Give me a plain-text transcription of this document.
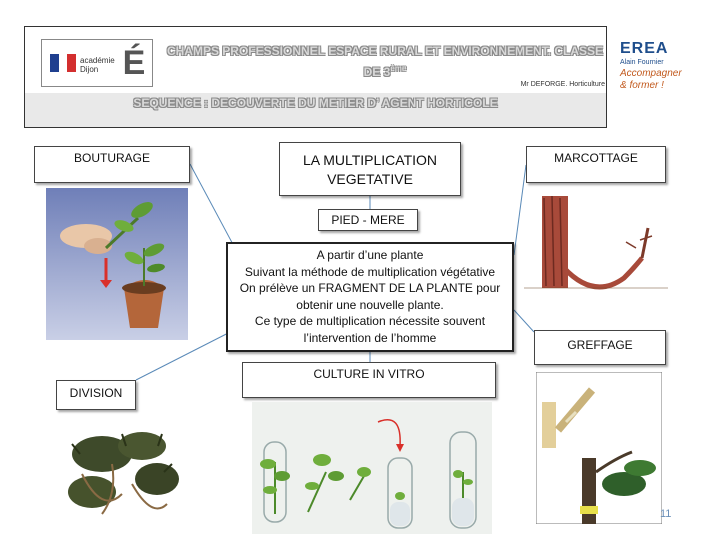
académie Dijon É CHAMPS PROFESSIONNEL ESPACE RURAL ET ENVIRONNEMENT. CLASSE
DE 3ème
Mr DEFORGE. Horticulture
SEQUENCE : DECOUVERTE DU METIER D’ AGENT HORTICOLE
EREA
Alain Fournier
Accompagner
& former !
BOUTURAGE	LA MULTIPLICATION
VEGETATIVE
MARCOTTAGE
PIED - MERE
A partir d’une plante
Suivant la méthode de multiplication végétative
On prélève un FRAGMENT DE LA PLANTE pour
obtenir une nouvelle plante.
Ce type de multiplication nécessite souvent
l’intervention de l’homme
GREFFAGE
CULTURE IN VITRO
DIVISION
11
